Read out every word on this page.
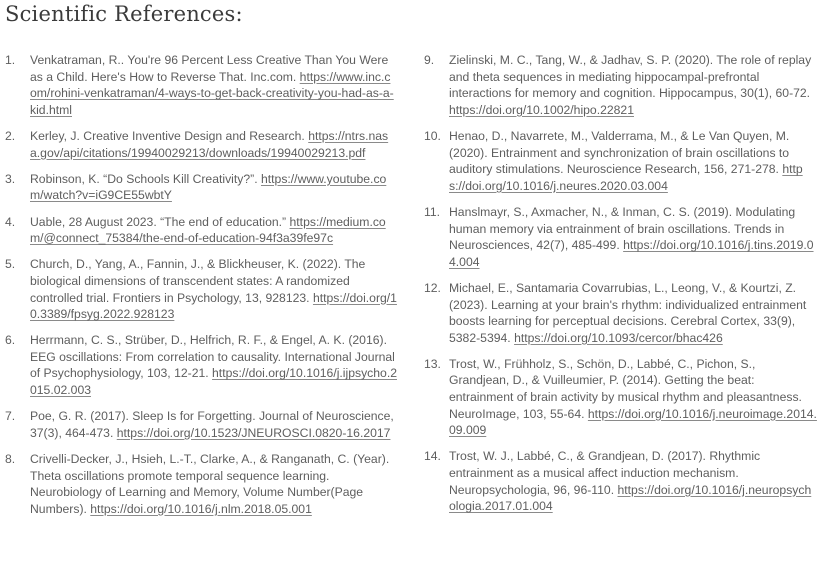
Scientific References:
1.	Venkatraman, R.. You're 96 Percent Less Creative Than You Were as a Child. Here's How to Reverse That. Inc.com. https://www.inc.com/rohini-venkatraman/4-ways-to-get-back-creativity-you-had-as-a-kid.html
2.	Kerley, J. Creative Inventive Design and Research. https://ntrs.nasa.gov/api/citations/19940029213/downloads/19940029213.pdf
3.	Robinson, K. “Do Schools Kill Creativity?”. https://www.youtube.com/watch?v=iG9CE55wbtY
4.	Uable, 28 August 2023. “The end of education.” https://medium.com/@connect_75384/the-end-of-education-94f3a39fe97c
5.	Church, D., Yang, A., Fannin, J., & Blickheuser, K. (2022). The biological dimensions of transcendent states: A randomized controlled trial. Frontiers in Psychology, 13, 928123. https://doi.org/10.3389/fpsyg.2022.928123
6.	Herrmann, C. S., Strüber, D., Helfrich, R. F., & Engel, A. K. (2016). EEG oscillations: From correlation to causality. International Journal of Psychophysiology, 103, 12-21. https://doi.org/10.1016/j.ijpsycho.2015.02.003
7.	Poe, G. R. (2017). Sleep Is for Forgetting. Journal of Neuroscience, 37(3), 464-473. https://doi.org/10.1523/JNEUROSCI.0820-16.2017
8.	Crivelli-Decker, J., Hsieh, L.-T., Clarke, A., & Ranganath, C. (Year). Theta oscillations promote temporal sequence learning. Neurobiology of Learning and Memory, Volume Number(Page Numbers). https://doi.org/10.1016/j.nlm.2018.05.001
9.	Zielinski, M. C., Tang, W., & Jadhav, S. P. (2020). The role of replay and theta sequences in mediating hippocampal-prefrontal interactions for memory and cognition. Hippocampus, 30(1), 60-72. https://doi.org/10.1002/hipo.22821
10. Henao, D., Navarrete, M., Valderrama, M., & Le Van Quyen, M. (2020). Entrainment and synchronization of brain oscillations to auditory stimulations. Neuroscience Research, 156, 271-278. https://doi.org/10.1016/j.neures.2020.03.004
11. Hanslmayr, S., Axmacher, N., & Inman, C. S. (2019). Modulating human memory via entrainment of brain oscillations. Trends in Neurosciences, 42(7), 485-499. https://doi.org/10.1016/j.tins.2019.04.004
12. Michael, E., Santamaria Covarrubias, L., Leong, V., & Kourtzi, Z. (2023). Learning at your brain's rhythm: individualized entrainment boosts learning for perceptual decisions. Cerebral Cortex, 33(9), 5382-5394. https://doi.org/10.1093/cercor/bhac426
13. Trost, W., Frühholz, S., Schön, D., Labbé, C., Pichon, S., Grandjean, D., & Vuilleumier, P. (2014). Getting the beat: entrainment of brain activity by musical rhythm and pleasantness. NeuroImage, 103, 55-64. https://doi.org/10.1016/j.neuroimage.2014.09.009
14. Trost, W. J., Labbé, C., & Grandjean, D. (2017). Rhythmic entrainment as a musical affect induction mechanism. Neuropsychologia, 96, 96-110. https://doi.org/10.1016/j.neuropsychologia.2017.01.004
